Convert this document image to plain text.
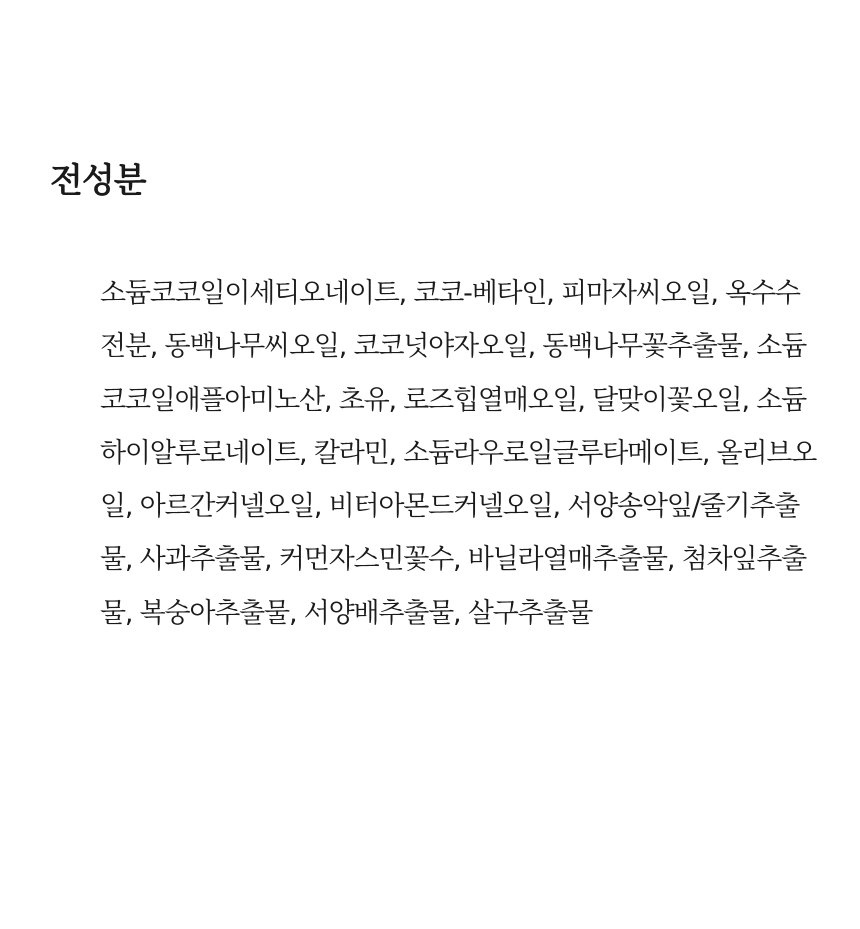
전성분

소듐코코일이세티오네이트, 코코-베타인, 피마자씨오일, 옥수수전분, 동백나무씨오일, 코코넛야자오일, 동백나무꽃추출물, 소듐코코일애플아미노산, 초유, 로즈힙열매오일, 달맞이꽃오일, 소듐하이알루로네이트, 칼라민, 소듐라우로일글루타메이트, 올리브오일, 아르간커넬오일, 비터아몬드커넬오일, 서양송악잎/줄기추출물, 사과추출물, 커먼자스민꽃수, 바닐라열매추출물, 첨차잎추출물, 복숭아추출물, 서양배추출물, 살구추출물
